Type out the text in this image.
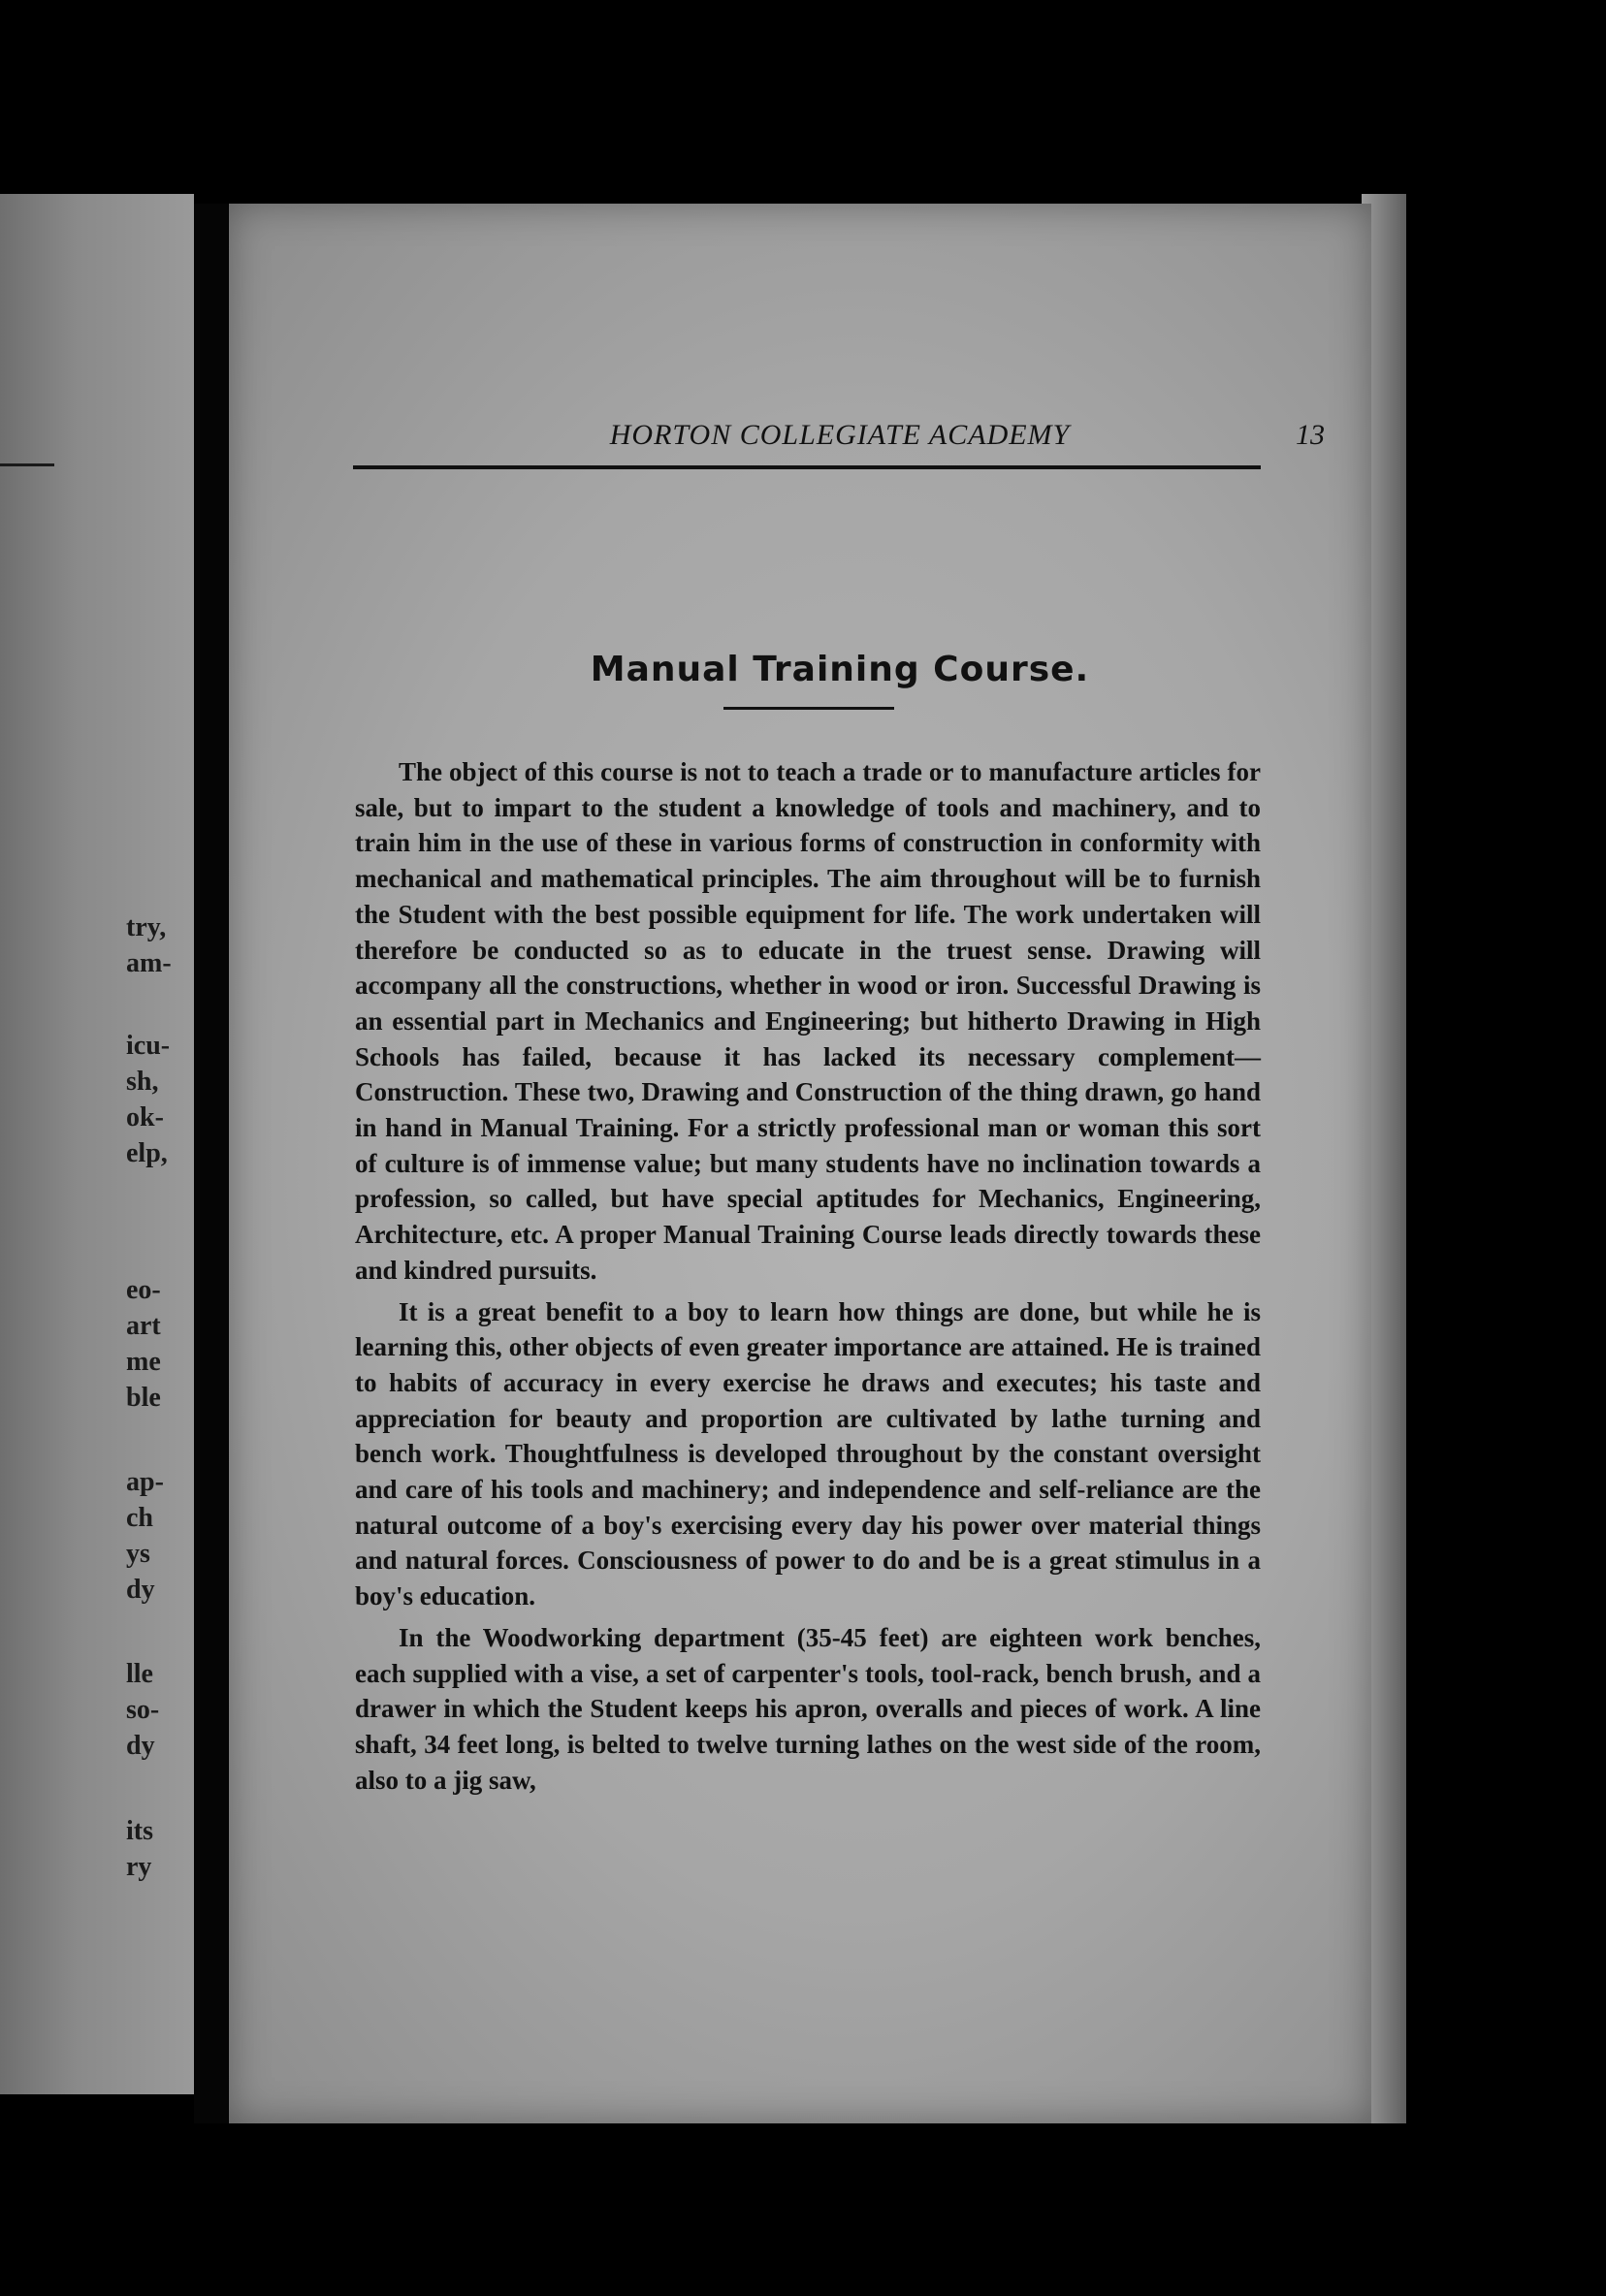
try,
am-
icu-
sh,
ok-
elp,
eo-
art
me
ble
ap-
ch
ys
dy
lle
so-
dy
its
ry
HORTON COLLEGIATE ACADEMY	13
Manual Training Course.

The object of this course is not to teach a trade or to manufacture articles for sale, but to impart to the student a knowledge of tools and machinery, and to train him in the use of these in various forms of construction in conformity with mechanical and mathematical principles. The aim throughout will be to furnish the Student with the best possible equipment for life. The work undertaken will therefore be conducted so as to educate in the truest sense. Drawing will accompany all the constructions, whether in wood or iron. Successful Drawing is an essential part in Mechanics and Engineering; but hitherto Drawing in High Schools has failed, because it has lacked its necessary complement—Construction. These two, Drawing and Construction of the thing drawn, go hand in hand in Manual Training. For a strictly professional man or woman this sort of culture is of immense value; but many students have no inclination towards a profession, so called, but have special aptitudes for Mechanics, Engineering, Architecture, etc. A proper Manual Training Course leads directly towards these and kindred pursuits.

It is a great benefit to a boy to learn how things are done, but while he is learning this, other objects of even greater importance are attained. He is trained to habits of accuracy in every exercise he draws and executes; his taste and appreciation for beauty and proportion are cultivated by lathe turning and bench work. Thoughtfulness is developed throughout by the constant oversight and care of his tools and machinery; and independence and self-reliance are the natural outcome of a boy's exercising every day his power over material things and natural forces. Consciousness of power to do and be is a great stimulus in a boy's education.

In the Woodworking department (35-45 feet) are eighteen work benches, each supplied with a vise, a set of carpenter's tools, tool-rack, bench brush, and a drawer in which the Student keeps his apron, overalls and pieces of work. A line shaft, 34 feet long, is belted to twelve turning lathes on the west side of the room, also to a jig saw,
